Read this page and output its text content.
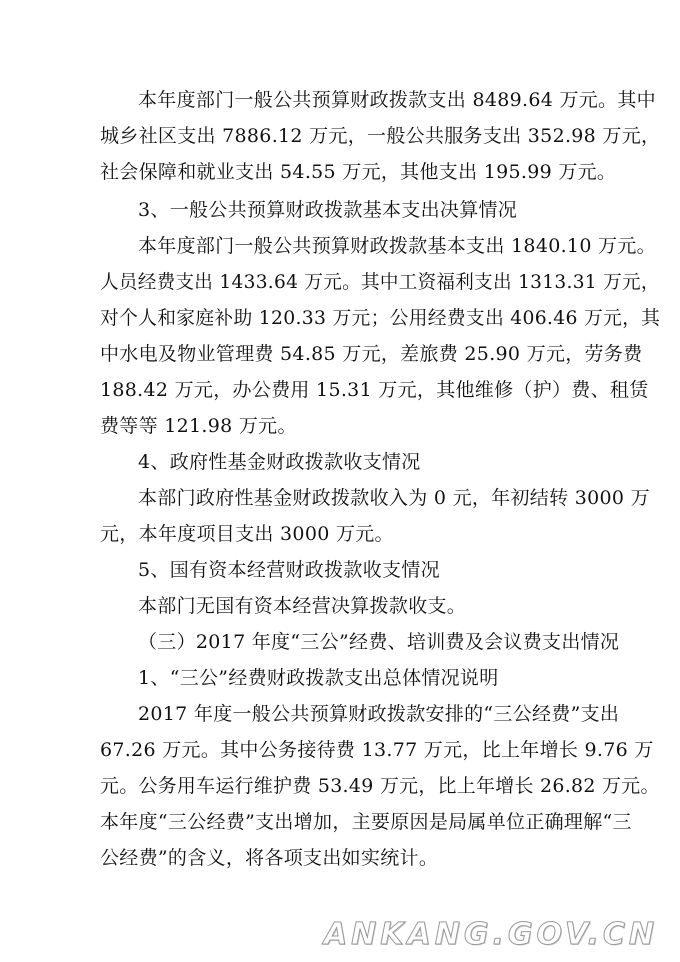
本年度部门一般公共预算财政拨款支出 8489.64 万元。其中
城乡社区支出 7886.12 万元，一般公共服务支出 352.98 万元，
社会保障和就业支出 54.55 万元，其他支出 195.99 万元。
3、一般公共预算财政拨款基本支出决算情况
本年度部门一般公共预算财政拨款基本支出 1840.10 万元。
人员经费支出 1433.64 万元。其中工资福利支出 1313.31 万元，
对个人和家庭补助 120.33 万元；公用经费支出 406.46 万元，其
中水电及物业管理费 54.85 万元，差旅费 25.90 万元，劳务费
188.42 万元，办公费用 15.31 万元，其他维修（护）费、租赁
费等等 121.98 万元。
4、政府性基金财政拨款收支情况
本部门政府性基金财政拨款收入为 0 元，年初结转 3000 万
元，本年度项目支出 3000 万元。
5、国有资本经营财政拨款收支情况
本部门无国有资本经营决算拨款收支。
（三）2017 年度“三公”经费、培训费及会议费支出情况
1、“三公”经费财政拨款支出总体情况说明
2017 年度一般公共预算财政拨款安排的“三公经费”支出
67.26 万元。其中公务接待费 13.77 万元，比上年增长 9.76 万
元。公务用车运行维护费 53.49 万元，比上年增长 26.82 万元。
本年度“三公经费”支出增加，主要原因是局属单位正确理解“三
公经费”的含义，将各项支出如实统计。
ANKANG.GOV.CN
